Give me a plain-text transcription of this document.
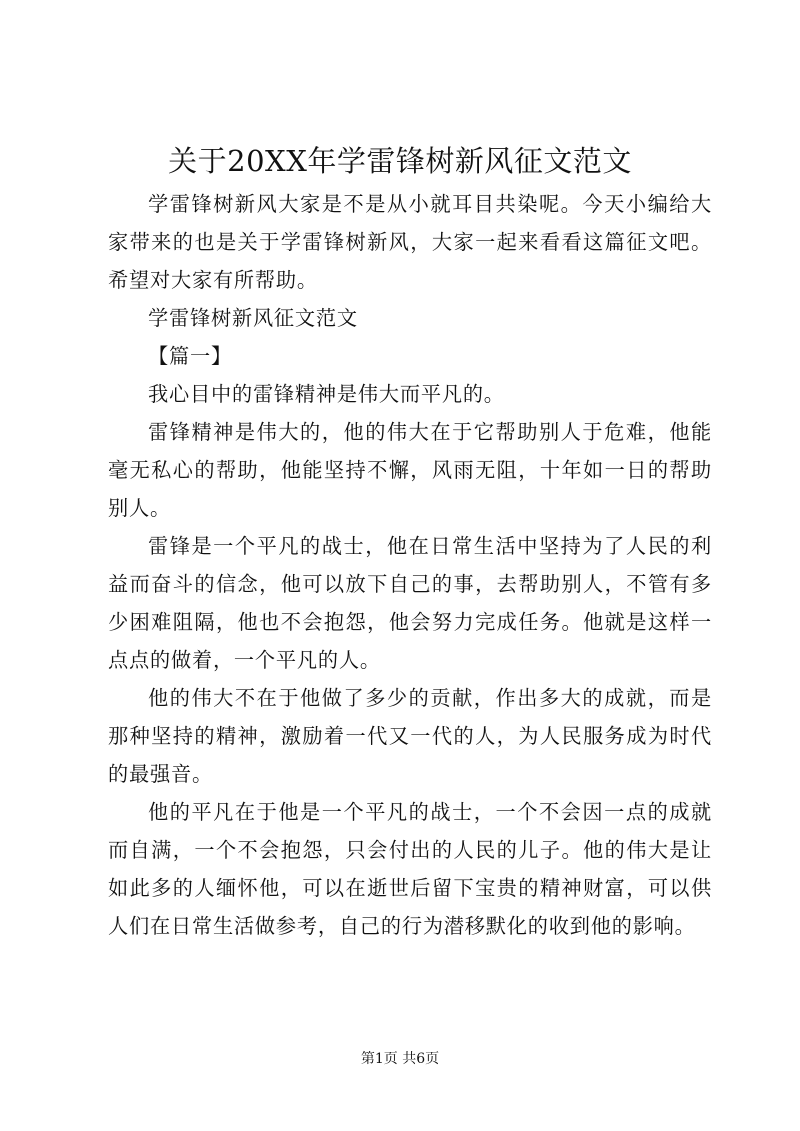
关于20XX年学雷锋树新风征文范文

学雷锋树新风大家是不是从小就耳目共染呢。今天小编给大家带来的也是关于学雷锋树新风，大家一起来看看这篇征文吧。希望对大家有所帮助。

学雷锋树新风征文范文

【篇一】

我心目中的雷锋精神是伟大而平凡的。

雷锋精神是伟大的，他的伟大在于它帮助别人于危难，他能毫无私心的帮助，他能坚持不懈，风雨无阻，十年如一日的帮助别人。

雷锋是一个平凡的战士，他在日常生活中坚持为了人民的利益而奋斗的信念，他可以放下自己的事，去帮助别人，不管有多少困难阻隔，他也不会抱怨，他会努力完成任务。他就是这样一点点的做着，一个平凡的人。

他的伟大不在于他做了多少的贡献，作出多大的成就，而是那种坚持的精神，激励着一代又一代的人，为人民服务成为时代的最强音。

他的平凡在于他是一个平凡的战士，一个不会因一点的成就而自满，一个不会抱怨，只会付出的人民的儿子。他的伟大是让如此多的人缅怀他，可以在逝世后留下宝贵的精神财富，可以供人们在日常生活做参考，自己的行为潜移默化的收到他的影响。

第1页 共6页
